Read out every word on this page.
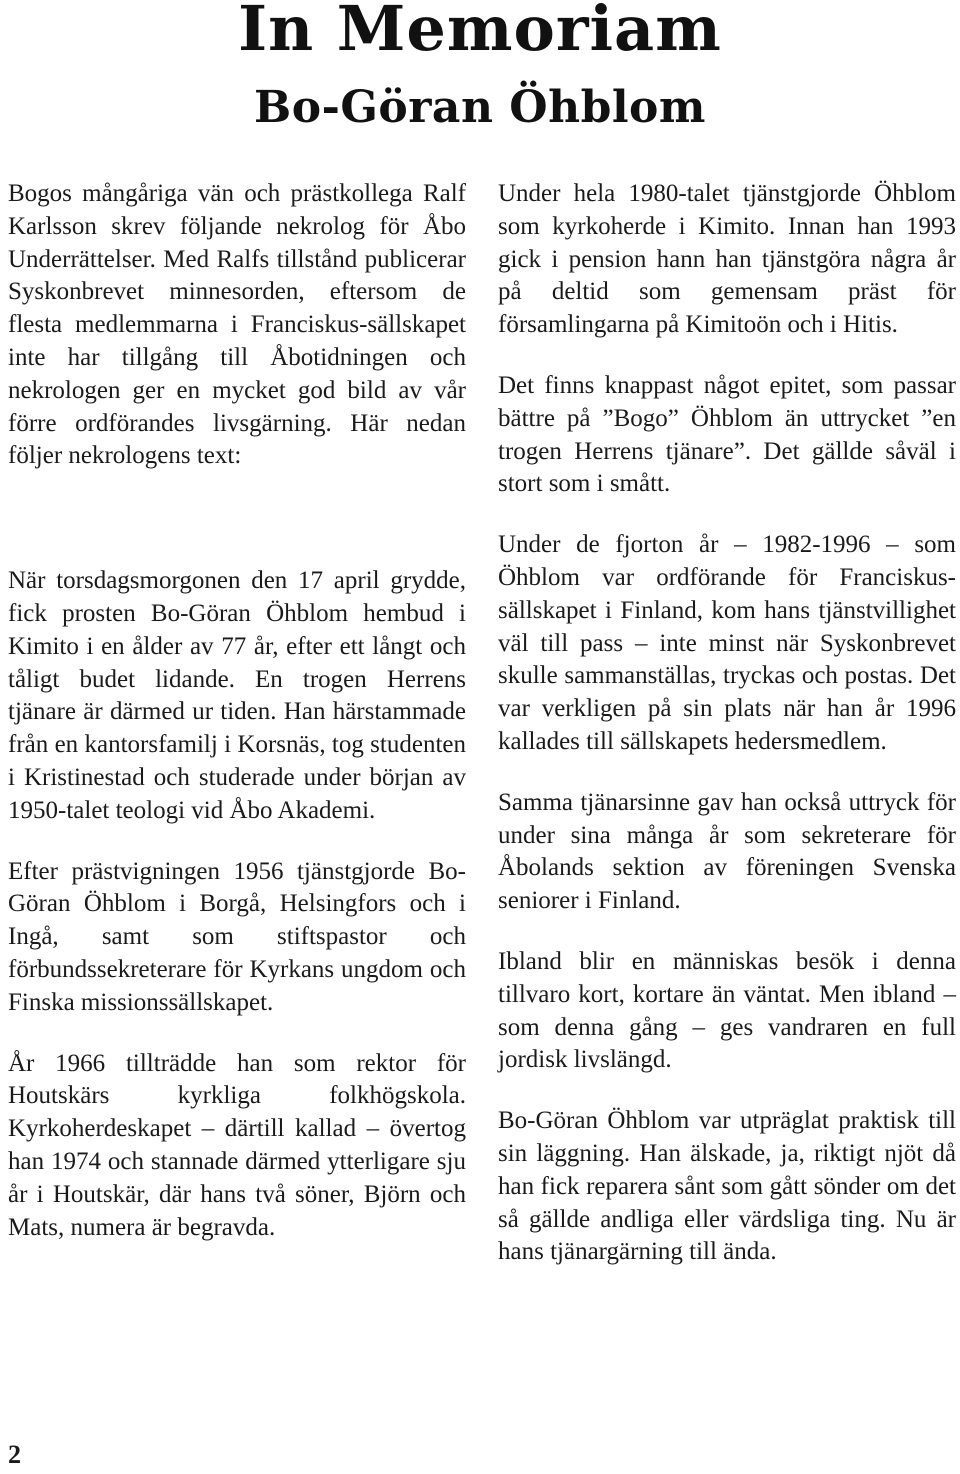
In Memoriam
Bo-Göran Öhblom

Bogos mångåriga vän och prästkollega Ralf Karlsson skrev följande nekrolog för Åbo Underrättelser. Med Ralfs tillstånd publicerar Syskonbrevet minnesorden, eftersom de flesta medlemmarna i Franciskus-sällskapet inte har tillgång till Åbotidningen och nekrologen ger en mycket god bild av vår förre ordförandes livsgärning. Här nedan följer nekrologens text:

När torsdagsmorgonen den 17 april grydde, fick prosten Bo-Göran Öhblom hembud i Kimito i en ålder av 77 år, efter ett långt och tåligt budet lidande. En trogen Herrens tjänare är därmed ur tiden. Han härstammade från en kantorsfamilj i Korsnäs, tog studenten i Kristinestad och studerade under början av 1950-talet teologi vid Åbo Akademi.

Efter prästvigningen 1956 tjänstgjorde Bo-Göran Öhblom i Borgå, Helsingfors och i Ingå, samt som stiftspastor och förbundssekreterare för Kyrkans ungdom och Finska missionssällskapet.

År 1966 tillträdde han som rektor för Houtskärs kyrkliga folkhögskola. Kyrkoherdeskapet – därtill kallad – övertog han 1974 och stannade därmed ytterligare sju år i Houtskär, där hans två söner, Björn och Mats, numera är begravda.

Under hela 1980-talet tjänstgjorde Öhblom som kyrkoherde i Kimito. Innan han 1993 gick i pension hann han tjänstgöra några år på deltid som gemensam präst för församlingarna på Kimitoön och i Hitis.

Det finns knappast något epitet, som passar bättre på ”Bogo” Öhblom än uttrycket ”en trogen Herrens tjänare”. Det gällde såväl i stort som i smått.

Under de fjorton år – 1982-1996 – som Öhblom var ordförande för Franciskus-sällskapet i Finland, kom hans tjänstvillighet väl till pass – inte minst när Syskonbrevet skulle sammanställas, tryckas och postas. Det var verkligen på sin plats när han år 1996 kallades till sällskapets hedersmedlem.

Samma tjänarsinne gav han också uttryck för under sina många år som sekreterare för Åbolands sektion av föreningen Svenska seniorer i Finland.

Ibland blir en människas besök i denna tillvaro kort, kortare än väntat. Men ibland – som denna gång – ges vandraren en full jordisk livslängd.

Bo-Göran Öhblom var utpräglat praktisk till sin läggning. Han älskade, ja, riktigt njöt då han fick reparera sånt som gått sönder om det så gällde andliga eller värdsliga ting. Nu är hans tjänargärning till ända.

2
